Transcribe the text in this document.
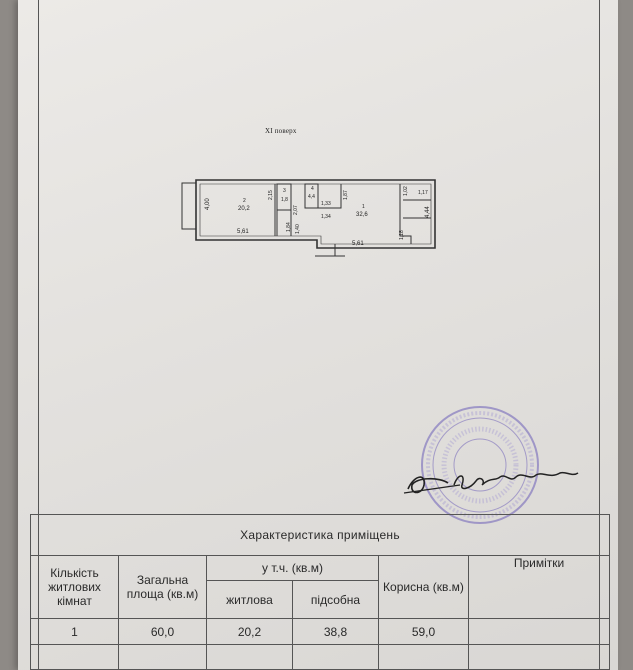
XI поверх
4,00	2
20,2
5,61
2,15 3
1,8
2,07
1,84 1,40
4
4,4
1,33
1,34
1,87
1
32,6
5,61
1,02 1,17
4,44
1,18
Характеристика приміщень					
Кількість житлових кімнат	Загальна площа (кв.м)	у т.ч. (кв.м)		Корисна (кв.м)	Примітки
		житлова	підсобна		
1	60,0	20,2	38,8	59,0	
